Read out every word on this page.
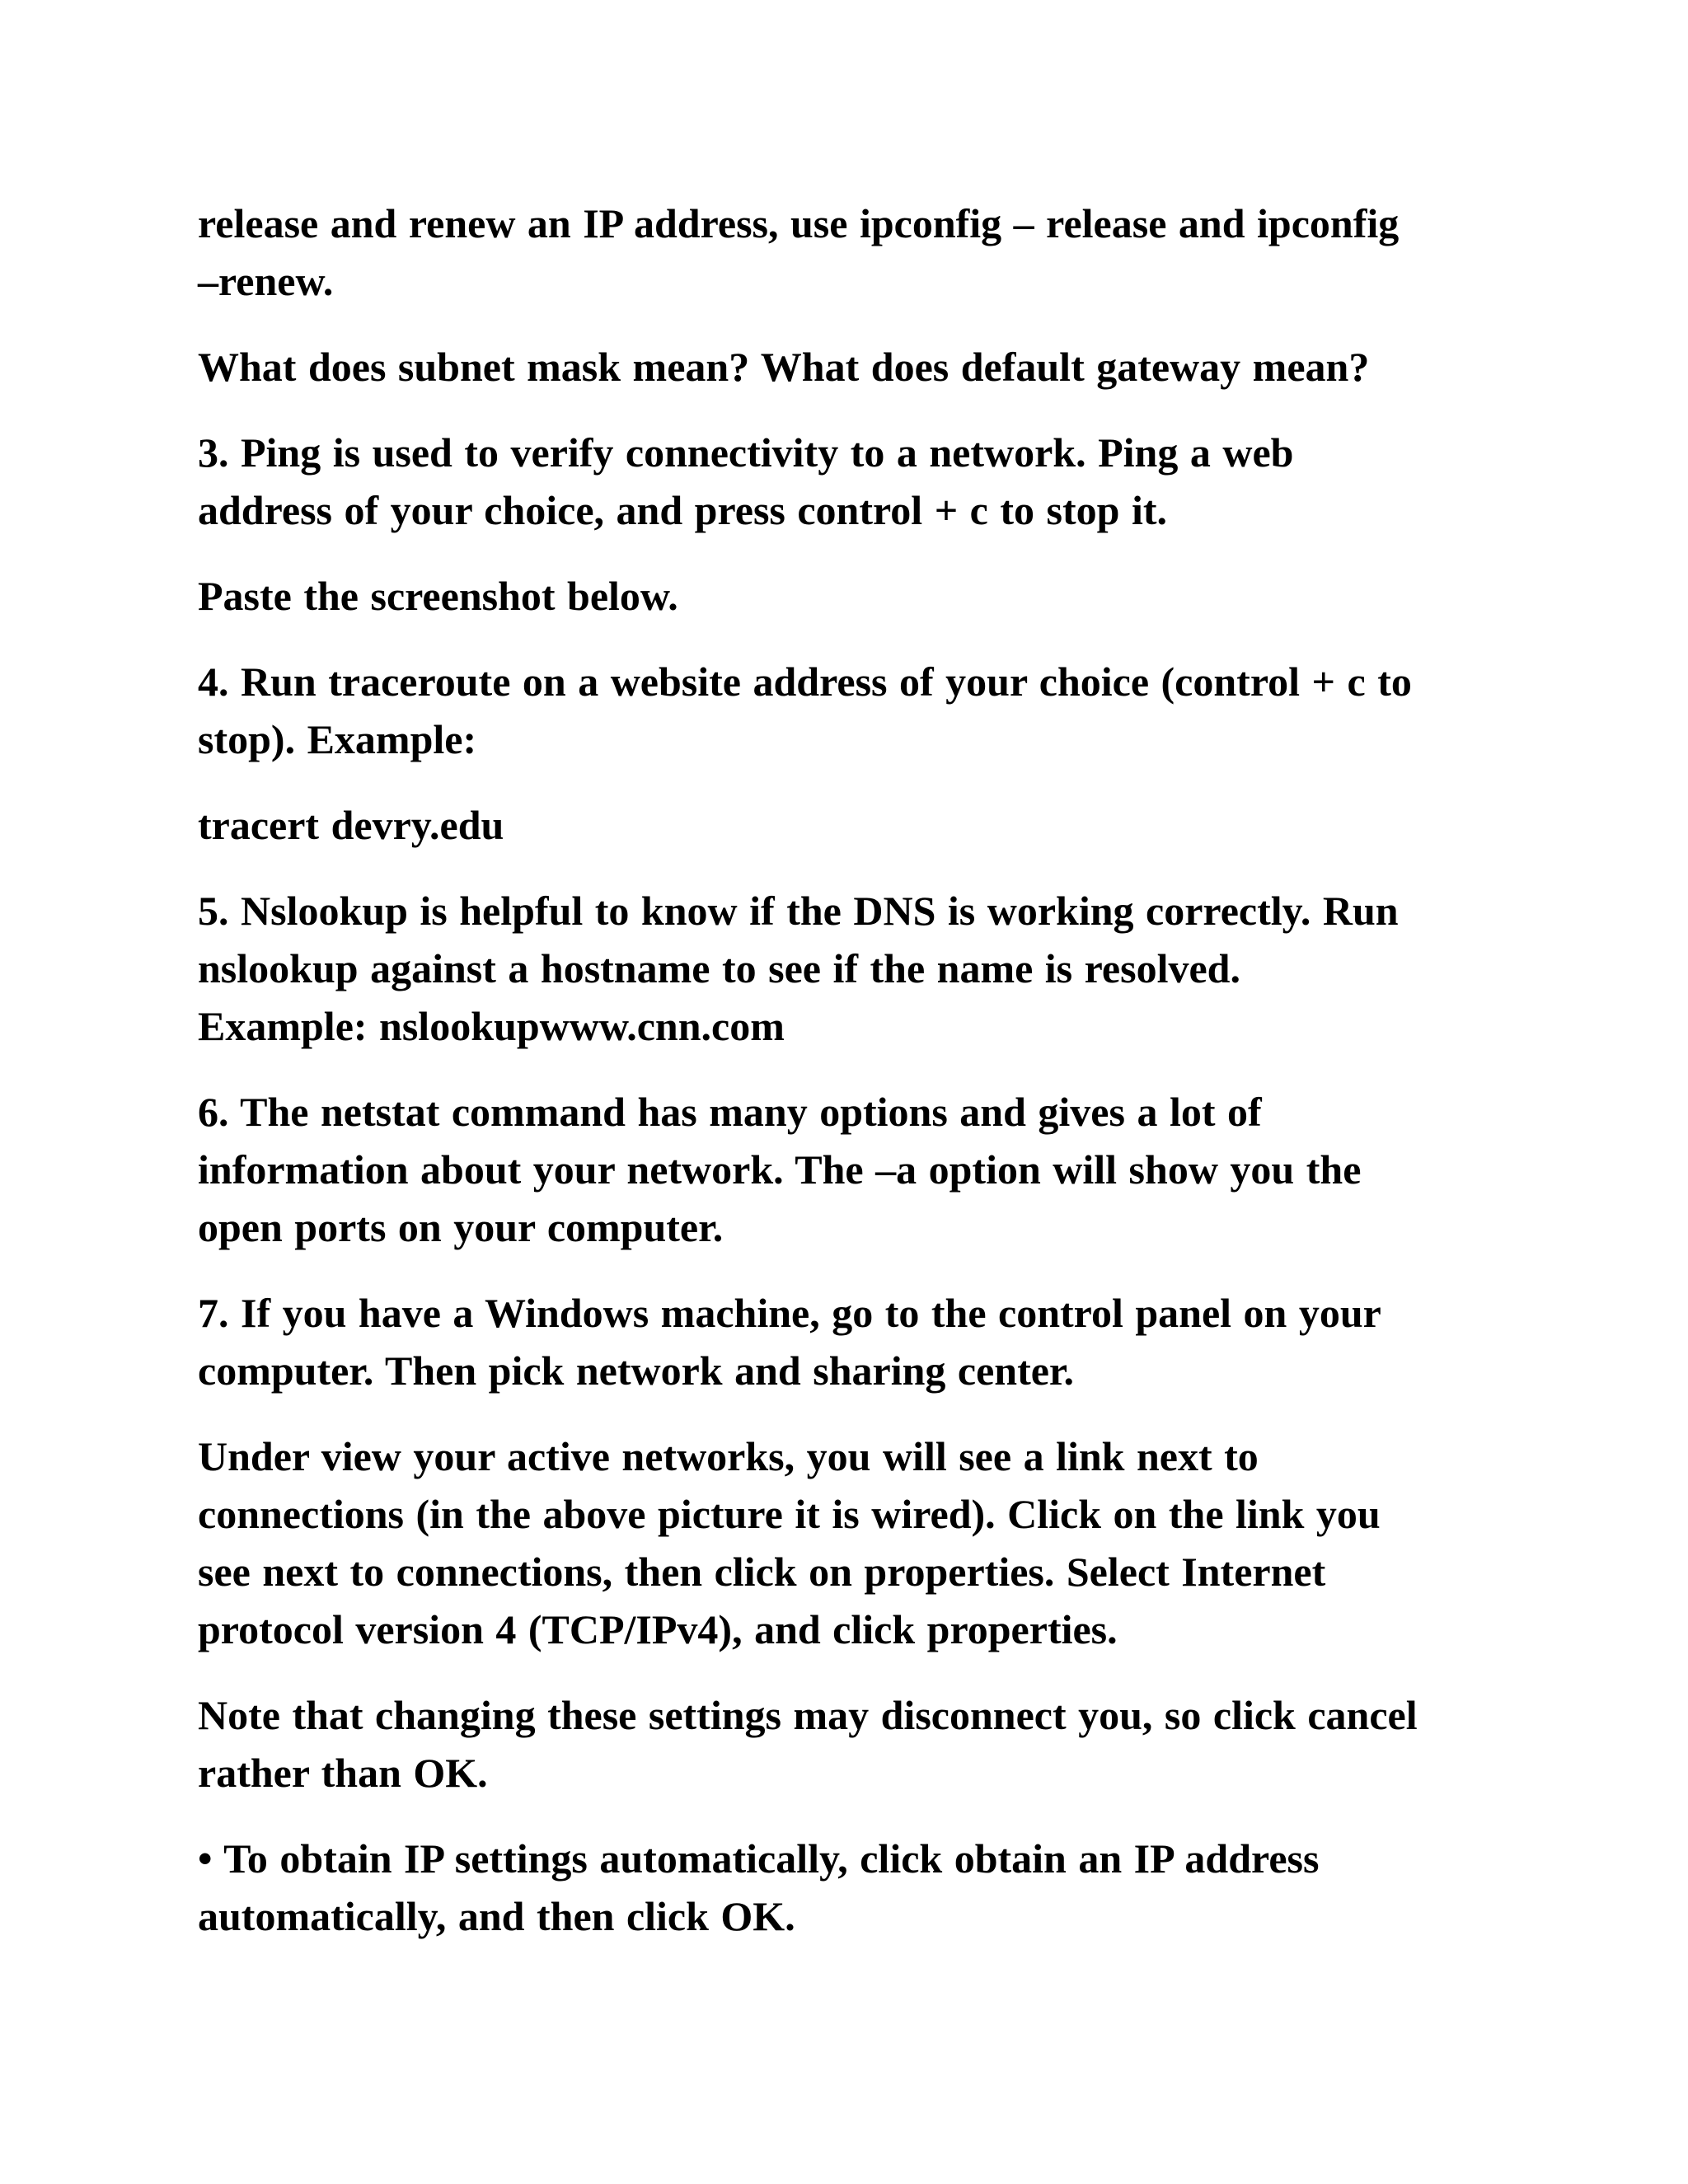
release and renew an IP address, use ipconfig – release and ipconfig
–renew.

What does subnet mask mean? What does default gateway mean?

3. Ping is used to verify connectivity to a network. Ping a web
address of your choice, and press control + c to stop it.

Paste the screenshot below.

4. Run traceroute on a website address of your choice (control + c to
stop). Example:

tracert devry.edu

5. Nslookup is helpful to know if the DNS is working correctly. Run
nslookup against a hostname to see if the name is resolved.
Example: nslookupwww.cnn.com

6. The netstat command has many options and gives a lot of
information about your network. The –a option will show you the
open ports on your computer.

7. If you have a Windows machine, go to the control panel on your
computer. Then pick network and sharing center.

Under view your active networks, you will see a link next to
connections (in the above picture it is wired). Click on the link you
see next to connections, then click on properties. Select Internet
protocol version 4 (TCP/IPv4), and click properties.

Note that changing these settings may disconnect you, so click cancel
rather than OK.

• To obtain IP settings automatically, click obtain an IP address
automatically, and then click OK.
